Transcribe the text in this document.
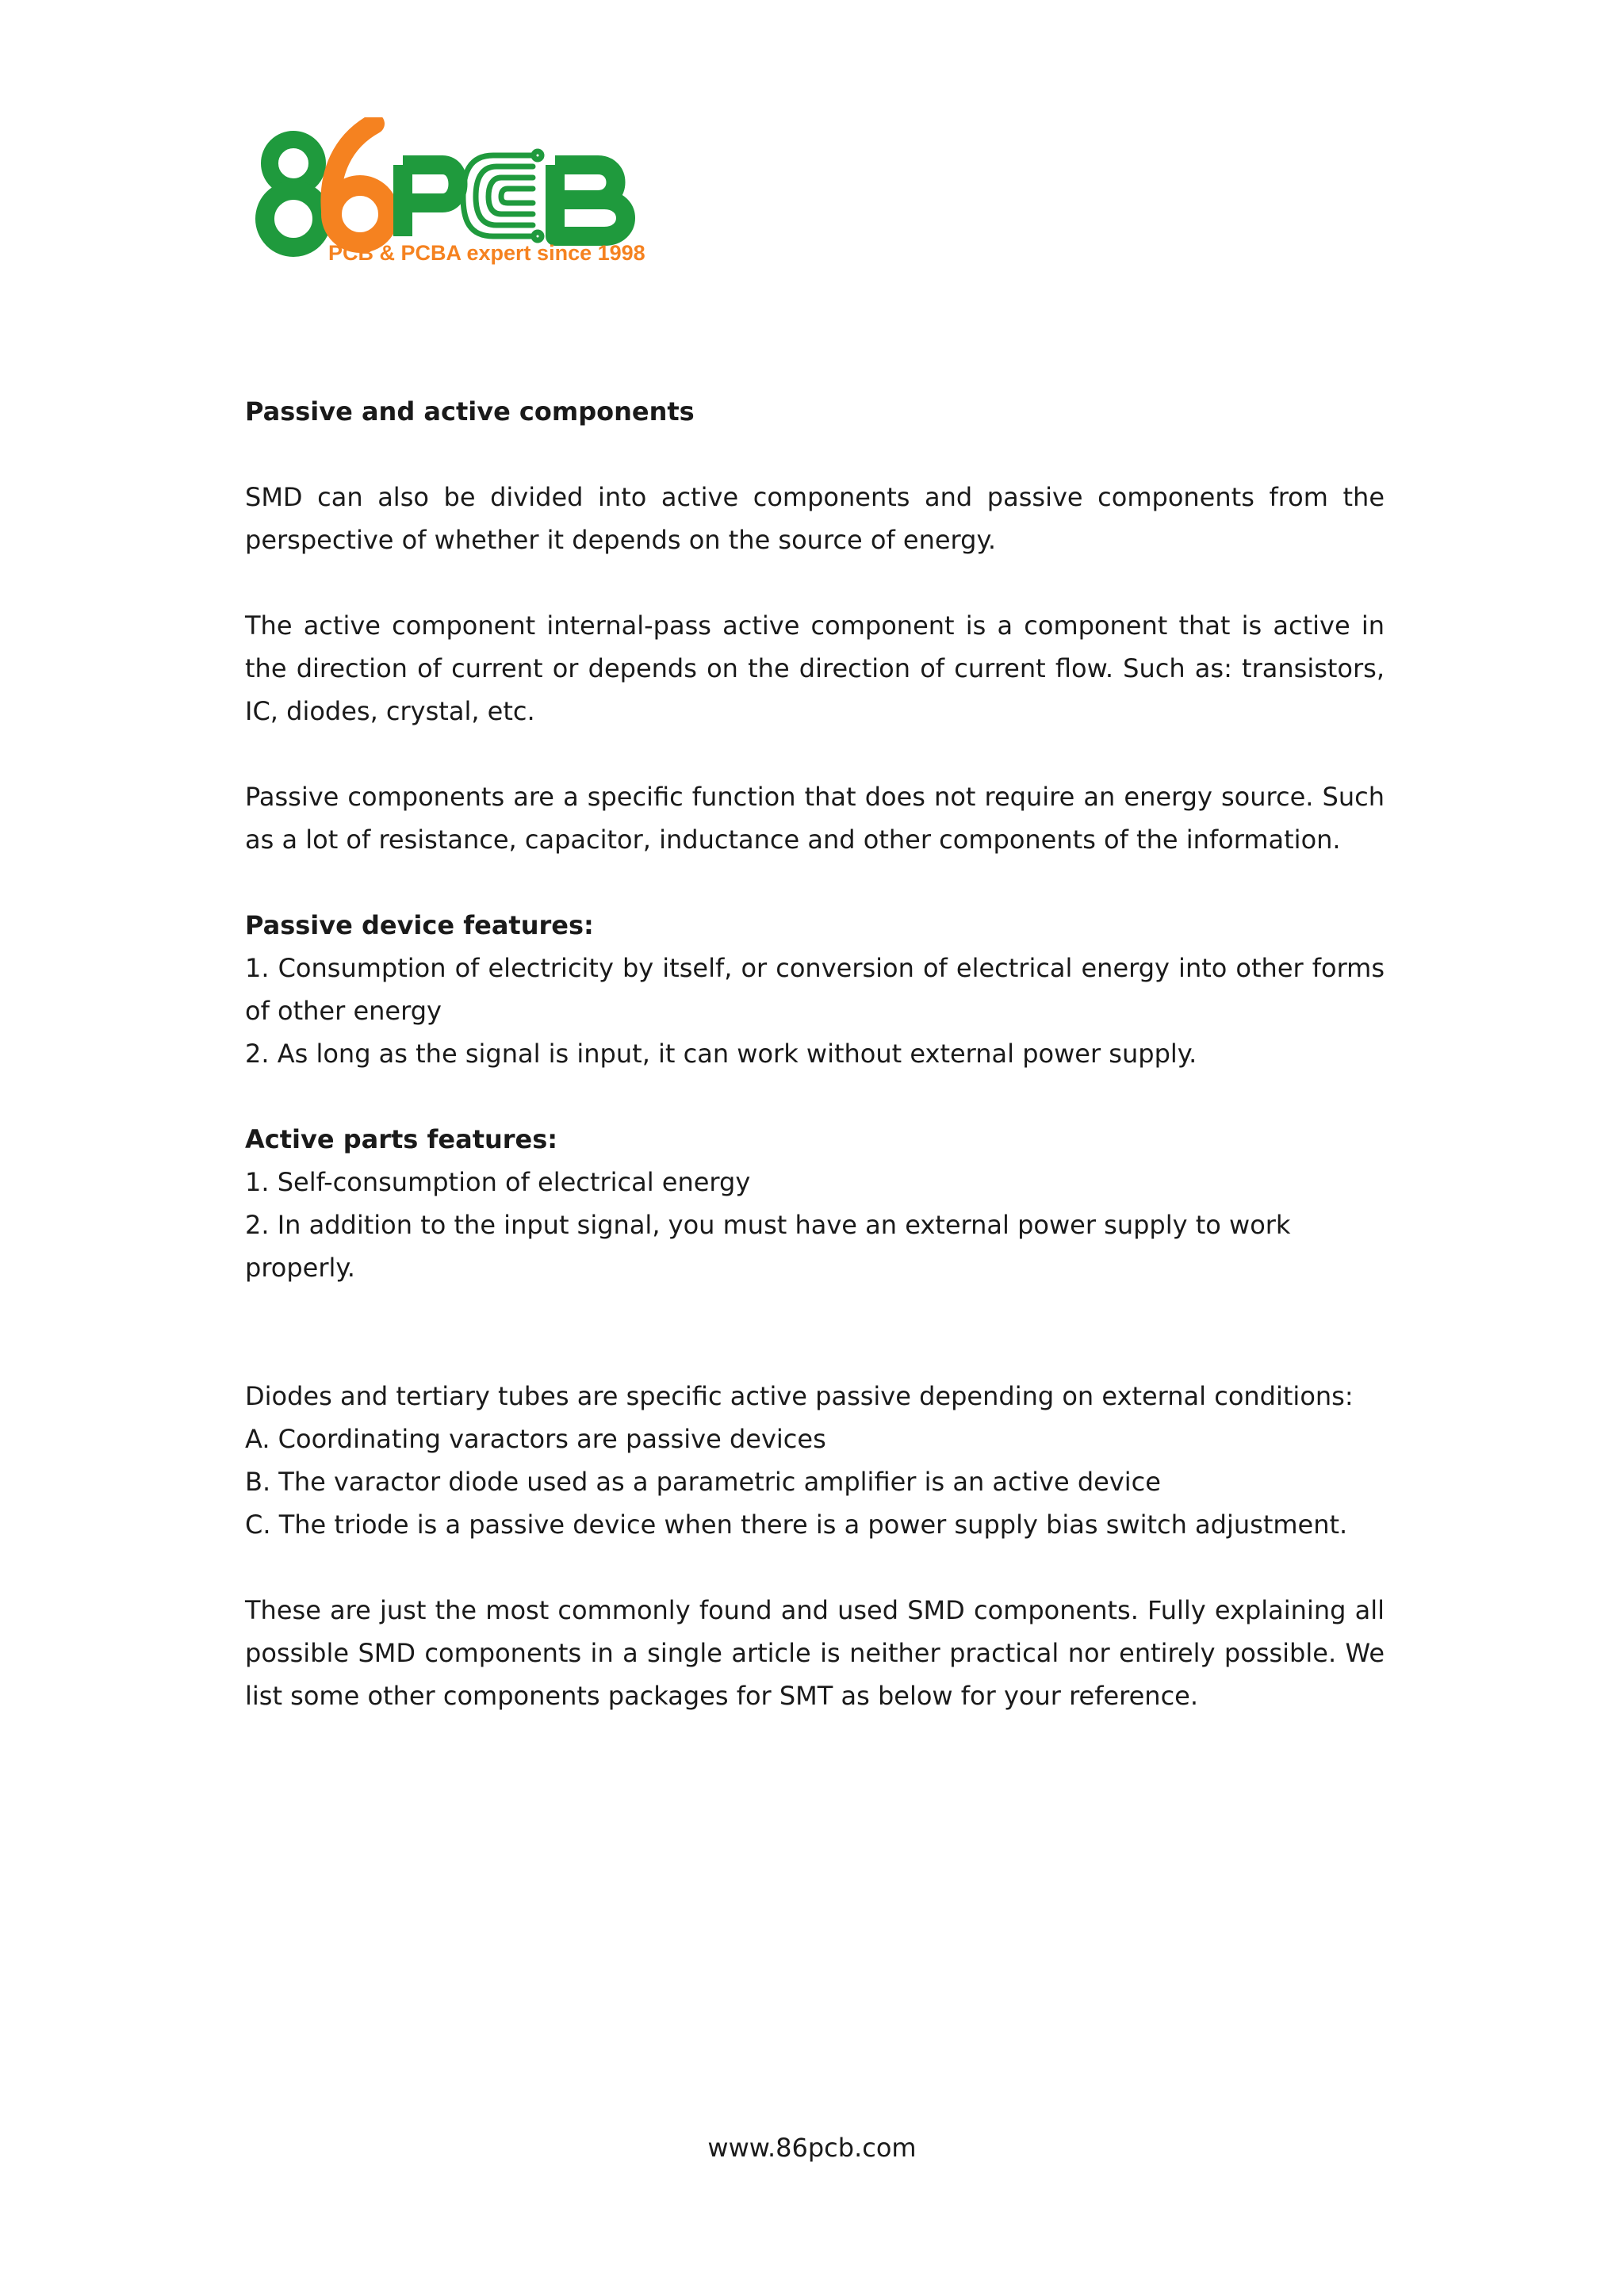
PCB & PCBA expert since 1998

Passive and active components

SMD can also be divided into active components and passive components from the perspective of whether it depends on the source of energy.

The active component internal-pass active component is a component that is active in the direction of current or depends on the direction of current flow. Such as: transistors, IC, diodes, crystal, etc.

Passive components are a specific function that does not require an energy source. Such as a lot of resistance, capacitor, inductance and other components of the information.

Passive device features:

1. Consumption of electricity by itself, or conversion of electrical energy into other forms of other energy

2. As long as the signal is input, it can work without external power supply.

Active parts features:

1. Self-consumption of electrical energy

2. In addition to the input signal, you must have an external power supply to work properly.

Diodes and tertiary tubes are specific active passive depending on external conditions:

A. Coordinating varactors are passive devices

B. The varactor diode used as a parametric amplifier is an active device

C. The triode is a passive device when there is a power supply bias switch adjustment.

These are just the most commonly found and used SMD components. Fully explaining all possible SMD components in a single article is neither practical nor entirely possible. We list some other components packages for SMT as below for your reference.

www.86pcb.com
